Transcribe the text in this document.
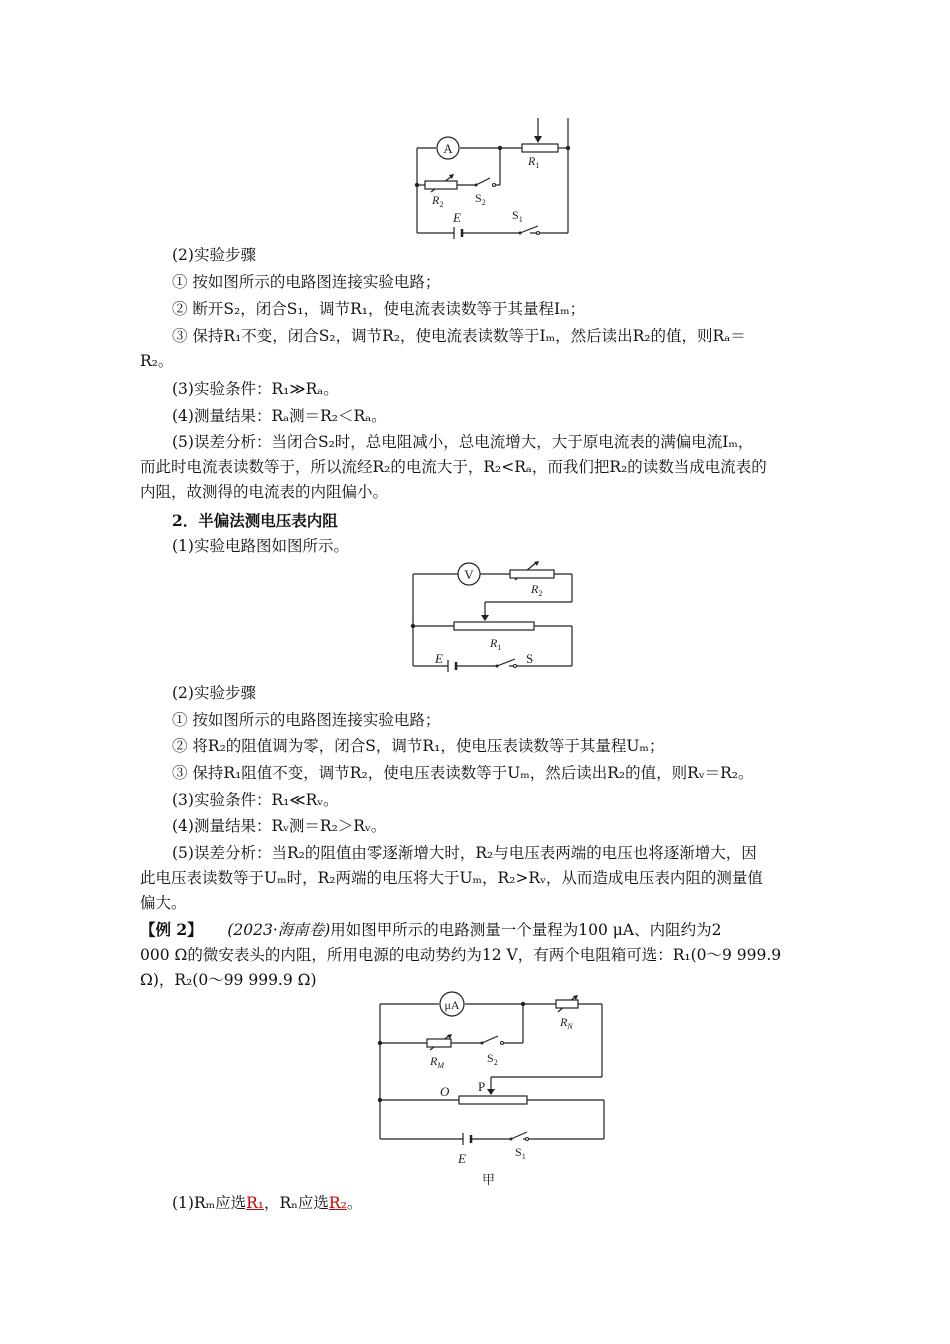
A
$R_1$
$R_2$	$S_2$
E	$S_1$
(2)实验步骤
① 按如图所示的电路图连接实验电路；
② 断开S₂，闭合S₁，调节R₁，使电流表读数等于其量程Iₘ；
③ 保持R₁不变，闭合S₂，调节R₂，使电流表读数等于Iₘ，然后读出R₂的值，则Rₐ＝
R₂。
(3)实验条件：R₁≫Rₐ。
(4)测量结果：Rₐ测＝R₂＜Rₐ。
(5)误差分析：当闭合S₂时，总电阻减小，总电流增大，大于原电流表的满偏电流Iₘ，
而此时电流表读数等于，所以流经R₂的电流大于，R₂<Rₐ，而我们把R₂的读数当成电流表的
内阻，故测得的电流表的内阻偏小。
2．半偏法测电压表内阻
(1)实验电路图如图所示。
V
$R_2$
$R_1$
E	S
(2)实验步骤
① 按如图所示的电路图连接实验电路；
② 将R₂的阻值调为零，闭合S，调节R₁，使电压表读数等于其量程Uₘ；
③ 保持R₁阻值不变，调节R₂，使电压表读数等于Uₘ，然后读出R₂的值，则Rᵥ＝R₂。
(3)实验条件：R₁≪Rᵥ。
(4)测量结果：Rᵥ测＝R₂＞Rᵥ。
(5)误差分析：当R₂的阻值由零逐渐增大时，R₂与电压表两端的电压也将逐渐增大，因
此电压表读数等于Uₘ时，R₂两端的电压将大于Uₘ，R₂>Rᵥ，从而造成电压表内阻的测量值
偏大。
【例 2】 (2023·海南卷)用如图甲所示的电路测量一个量程为100 μA、内阻约为2
000 Ω的微安表头的内阻，所用电源的电动势约为12 V，有两个电阻箱可选：R₁(0～9 999.9
Ω)，R₂(0～99 999.9 Ω)
μA
$R_N$
$R_M$
$S_2$
O P
E	$S_1$
甲
(1)Rₘ应选R₁，Rₙ应选R₂。
